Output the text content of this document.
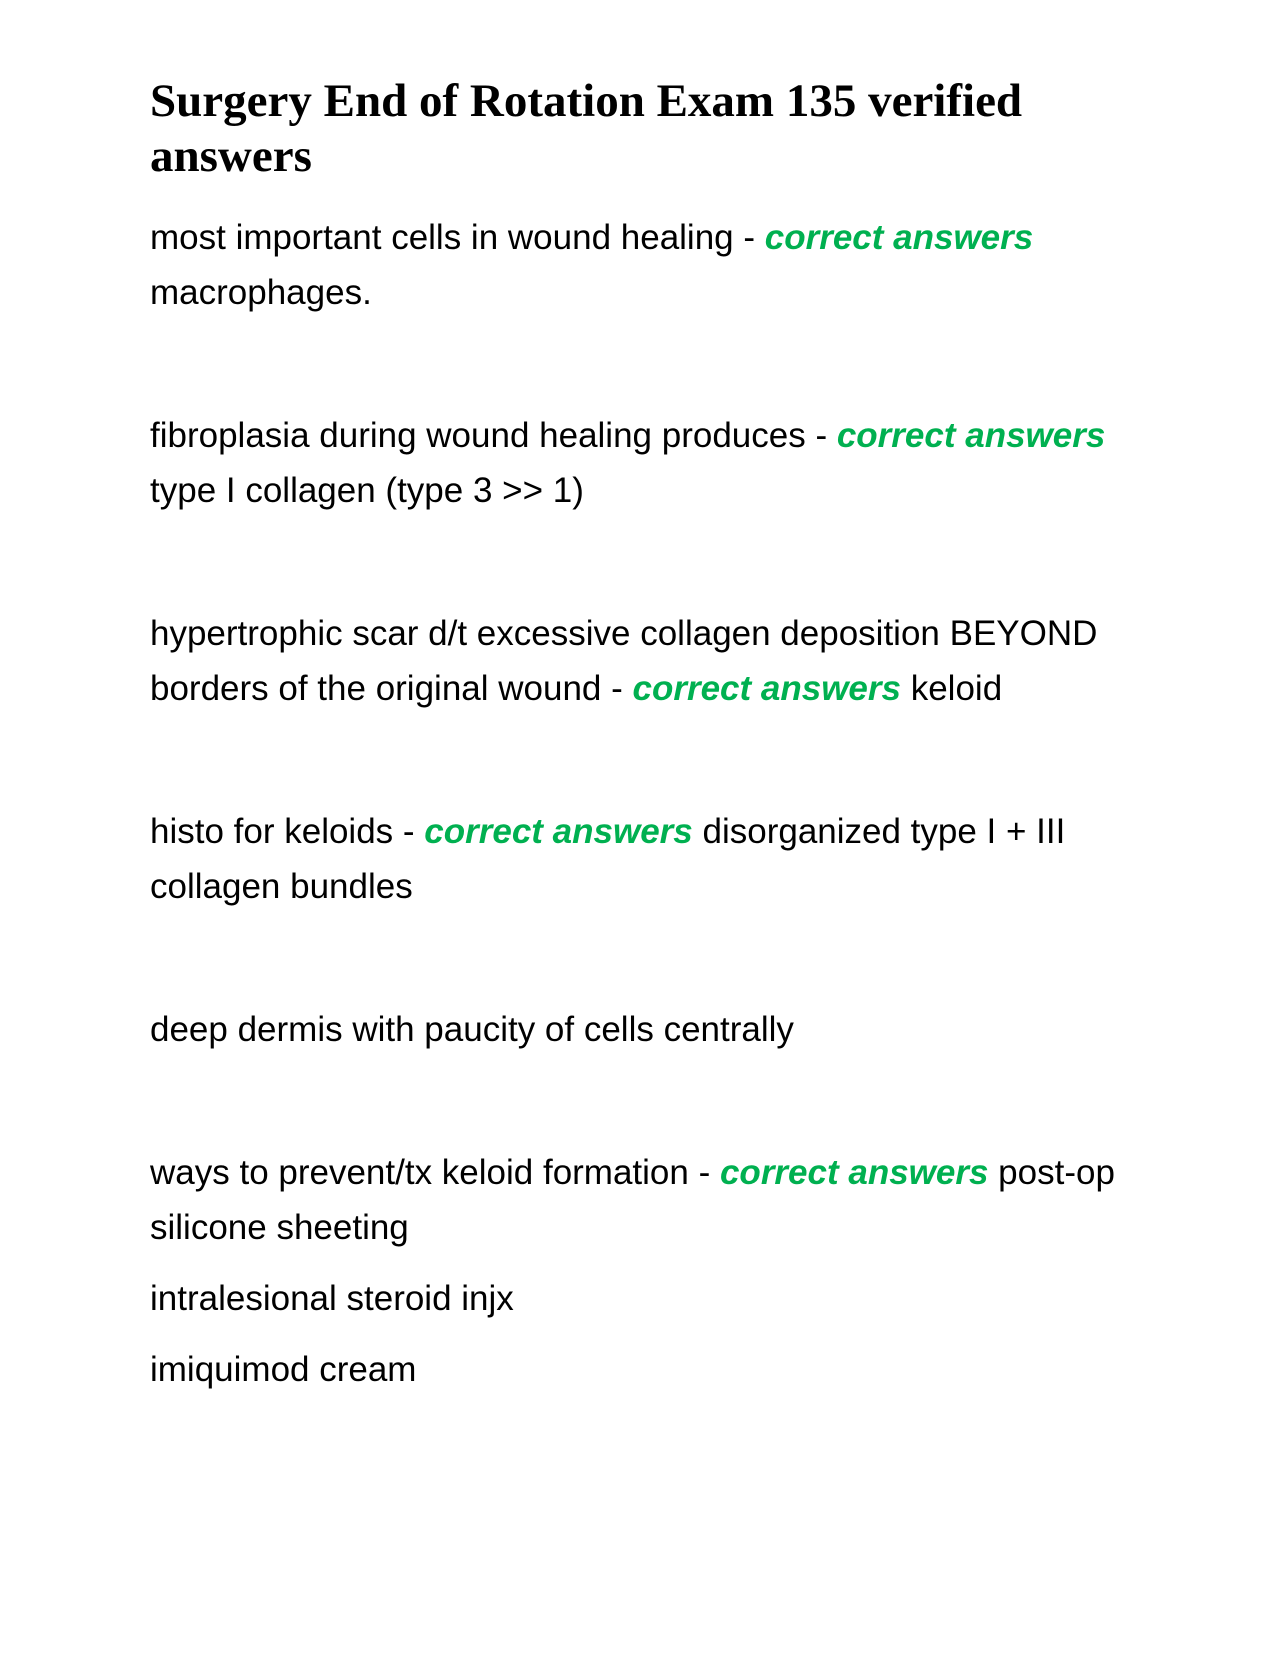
Surgery End of Rotation Exam 135 verified answers

most important cells in wound healing - correct answers macrophages.

fibroplasia during wound healing produces - correct answers type I collagen (type 3 >> 1)

hypertrophic scar d/t excessive collagen deposition BEYOND borders of the original wound - correct answers keloid

histo for keloids - correct answers disorganized type I + III collagen bundles

deep dermis with paucity of cells centrally

ways to prevent/tx keloid formation - correct answers post-op silicone sheeting

intralesional steroid injx

imiquimod cream
